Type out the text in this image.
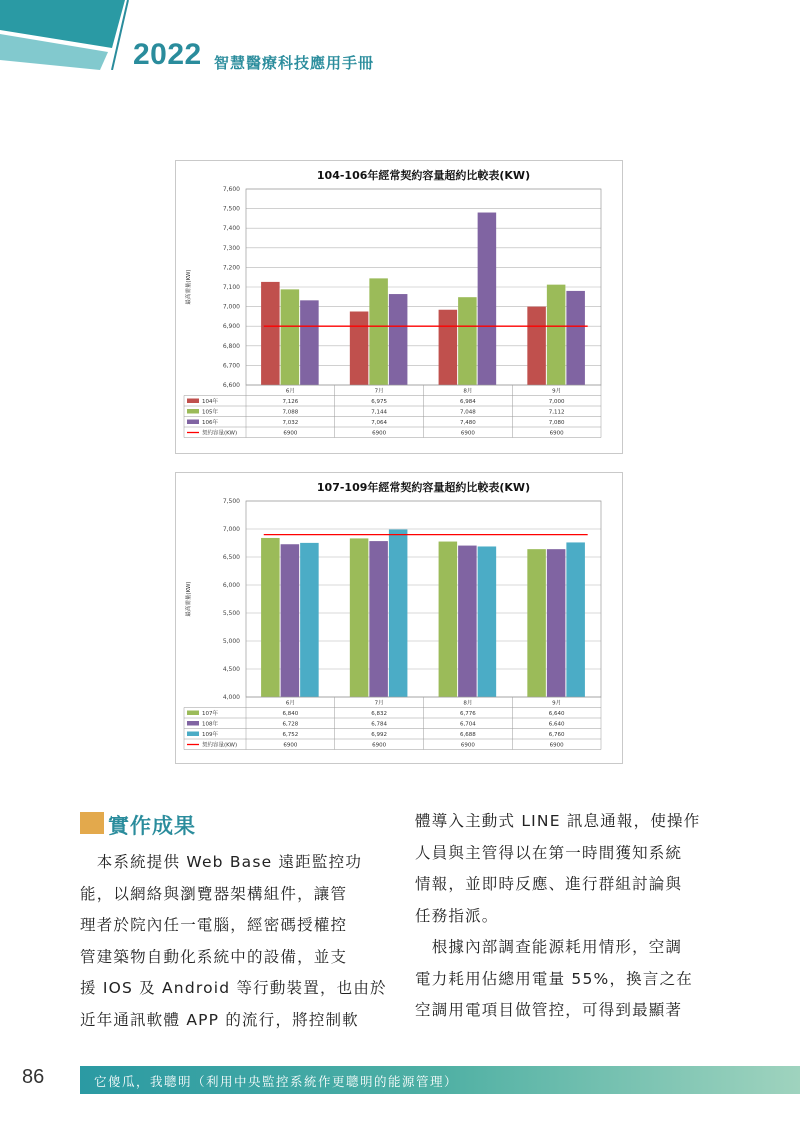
2022 智慧醫療科技應用手冊
104-106年經常契約容量超約比較表(KW)
最高需量(KW)
7,600
7,500
7,400
7,300
7,200
7,100
7,000
6,900
6,800
6,700
6,600
6月	7月	8月	9月
104年	7,126	6,975	6,984	7,000
105年	7,088	7,144	7,048	7,112
106年	7,032	7,064	7,480	7,080
契約容量(KW)	6900	6900	6900	6900
107-109年經常契約容量超約比較表(KW)
最高需量(KW)
7,500
7,000
6,500
6,000
5,500
5,000
4,500
4,000
6月	7月	8月	9月
107年	6,840	6,832	6,776	6,640
108年	6,728	6,784	6,704	6,640
109年	6,752	6,992	6,688	6,760
契約容量(KW)	6900	6900	6900	6900
實作成果

　本系統提供 Web Base 遠距監控功

能，以網絡與瀏覽器架構組件，讓管

理者於院內任一電腦，經密碼授權控

管建築物自動化系統中的設備，並支

援 IOS 及 Android 等行動裝置，也由於

近年通訊軟體 APP 的流行，將控制軟

體導入主動式 LINE 訊息通報，使操作

人員與主管得以在第一時間獲知系統

情報，並即時反應、進行群組討論與

任務指派。

　根據內部調查能源耗用情形，空調

電力耗用佔總用電量 55%，換言之在

空調用電項目做管控，可得到最顯著

86	它傻瓜，我聰明（利用中央監控系統作更聰明的能源管理）
